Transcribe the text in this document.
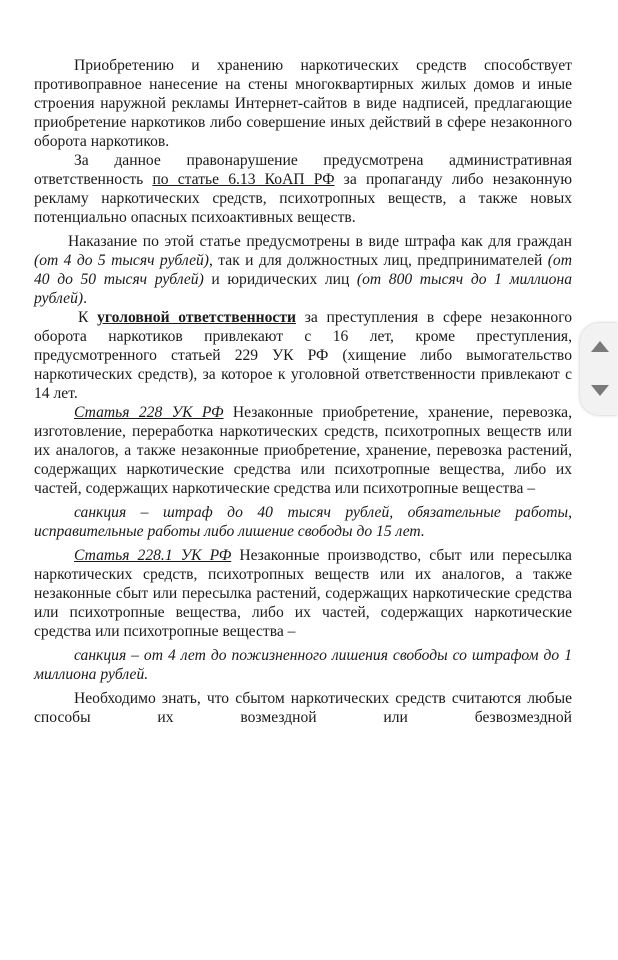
Приобретению и хранению наркотических средств способствует противоправное нанесение на стены многоквартирных жилых домов и иные строения наружной рекламы Интернет-сайтов в виде надписей, предлагающие приобретение наркотиков либо совершение иных действий в сфере незаконного оборота наркотиков.

За данное правонарушение предусмотрена административная ответственность по статье 6.13 КоАП РФ за пропаганду либо незаконную рекламу наркотических средств, психотропных веществ, а также новых потенциально опасных психоактивных веществ.

Наказание по этой статье предусмотрены в виде штрафа как для граждан (от 4 до 5 тысяч рублей), так и для должностных лиц, предпринимателей (от 40 до 50 тысяч рублей) и юридических лиц (от 800 тысяч до 1 миллиона рублей).

К уголовной ответственности за преступления в сфере незаконного оборота наркотиков привлекают с 16 лет, кроме преступления, предусмотренного статьей 229 УК РФ (хищение либо вымогательство наркотических средств), за которое к уголовной ответственности привлекают с 14 лет.

Статья 228 УК РФ Незаконные приобретение, хранение, перевозка, изготовление, переработка наркотических средств, психотропных веществ или их аналогов, а также незаконные приобретение, хранение, перевозка растений, содержащих наркотические средства или психотропные вещества, либо их частей, содержащих наркотические средства или психотропные вещества –

санкция – штраф до 40 тысяч рублей, обязательные работы, исправительные работы либо лишение свободы до 15 лет.

Статья 228.1 УК РФ Незаконные производство, сбыт или пересылка наркотических средств, психотропных веществ или их аналогов, а также незаконные сбыт или пересылка растений, содержащих наркотические средства или психотропные вещества, либо их частей, содержащих наркотические средства или психотропные вещества –

санкция – от 4 лет до пожизненного лишения свободы со штрафом до 1 миллиона рублей.

Необходимо знать, что сбытом наркотических средств считаются любые способы их возмездной или безвозмездной
